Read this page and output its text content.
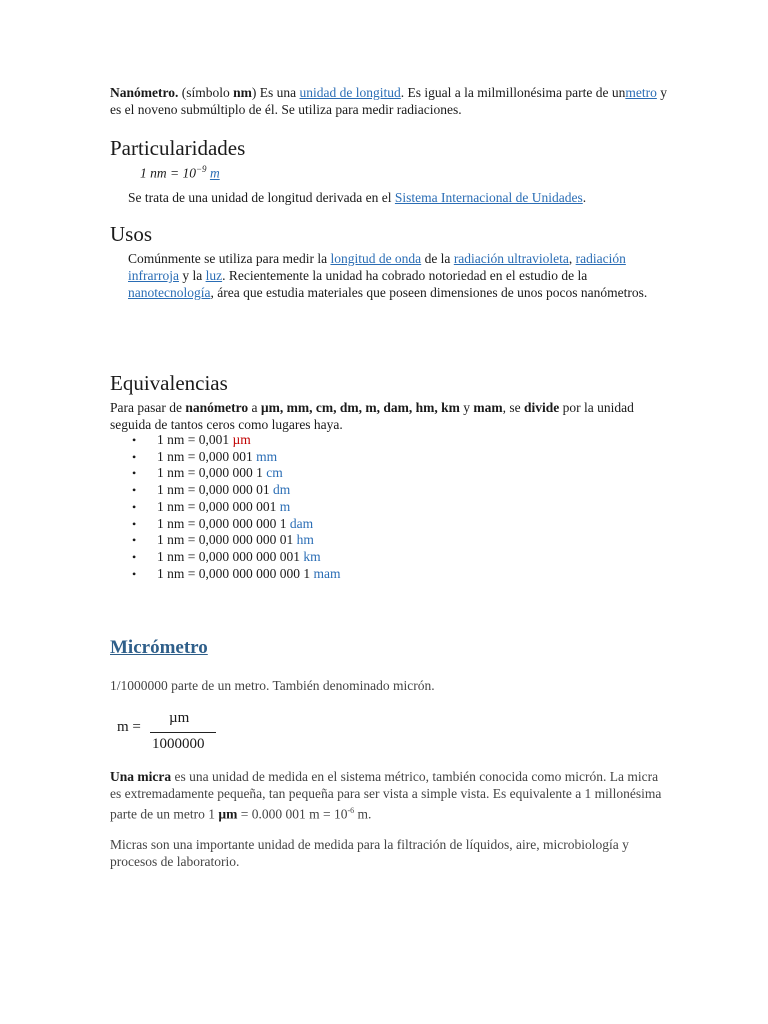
Nanómetro. (símbolo nm) Es una unidad de longitud. Es igual a la milmillonésima parte de unmetro y es el noveno submúltiplo de él. Se utiliza para medir radiaciones.

Particularidades
1 nm = $10^{-9}$ m

Se trata de una unidad de longitud derivada en el Sistema Internacional de Unidades.

Usos

Comúnmente se utiliza para medir la longitud de onda de la radiación ultravioleta, radiación infrarroja y la luz. Recientemente la unidad ha cobrado notoriedad en el estudio de la nanotecnología, área que estudia materiales que poseen dimensiones de unos pocos nanómetros.

Equivalencias

Para pasar de nanómetro a µm, mm, cm, dm, m, dam, hm, km y mam, se divide por la unidad seguida de tantos ceros como lugares haya.

• 1 nm = 0,001 µm
• 1 nm = 0,000 001 mm
• 1 nm = 0,000 000 1 cm
• 1 nm = 0,000 000 01 dm
• 1 nm = 0,000 000 001 m
• 1 nm = 0,000 000 000 1 dam
• 1 nm = 0,000 000 000 01 hm
• 1 nm = 0,000 000 000 001 km
• 1 nm = 0,000 000 000 000 1 mam
Micrómetro

1/1000000 parte de un metro. También denominado micrón.

m =
µm
1000000

Una micra es una unidad de medida en el sistema métrico, también conocida como micrón. La micra es extremadamente pequeña, tan pequeña para ser vista a simple vista. Es equivalente a 1 millonésima parte de un metro 1 µm = 0.000 001 $m = 10^{-6}$ m.

Micras son una importante unidad de medida para la filtración de líquidos, aire, microbiología y procesos de laboratorio.
